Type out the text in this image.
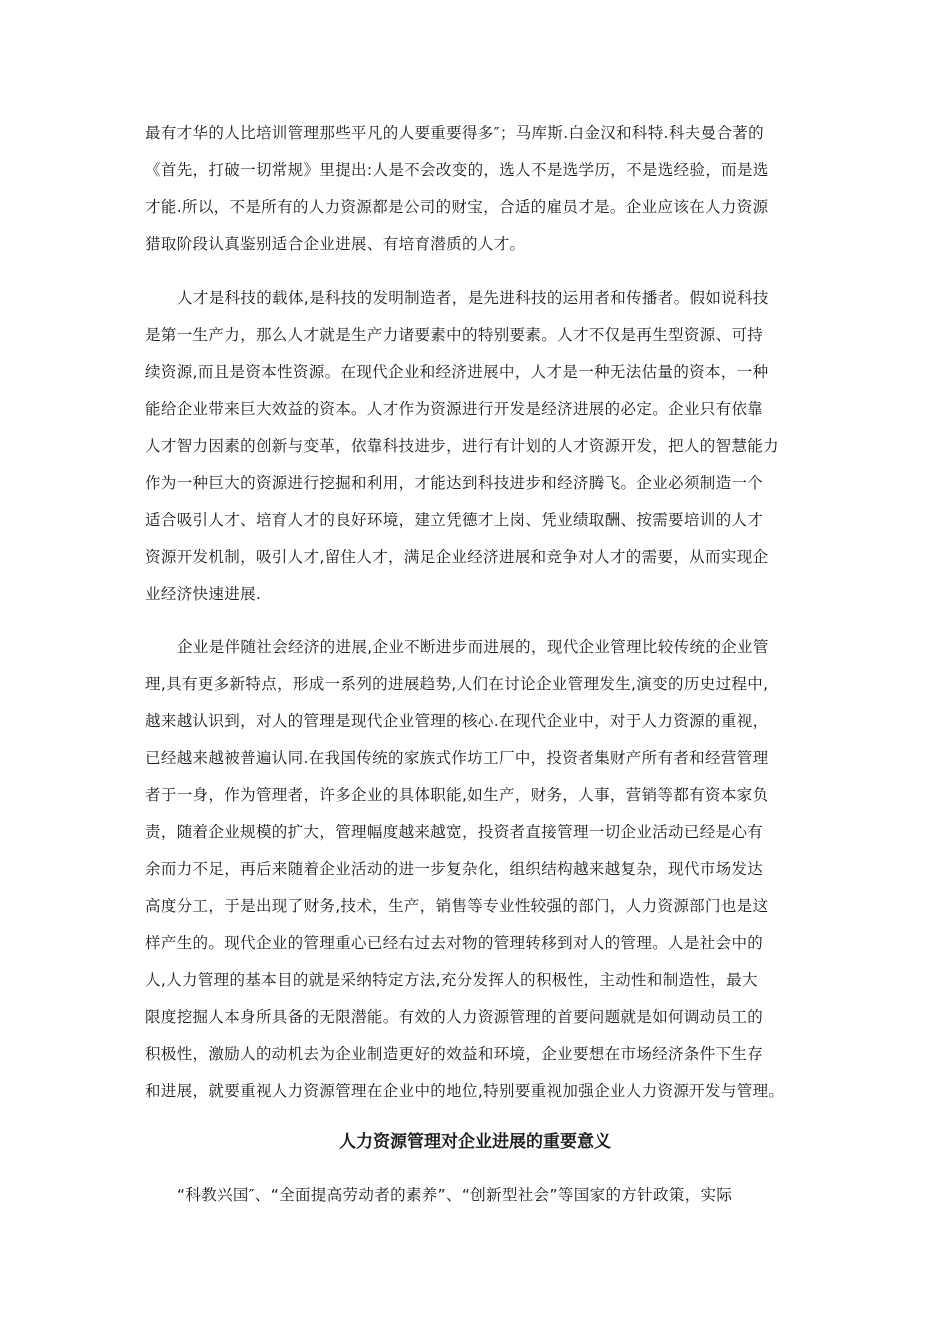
最有才华的人比培训管理那些平凡的人要重要得多″；马库斯.白金汉和科特.科夫曼合著的
《首先，打破一切常规》里提出:人是不会改变的，选人不是选学历，不是选经验，而是选
才能.所以，不是所有的人力资源都是公司的财宝，合适的雇员才是。企业应该在人力资源
猎取阶段认真鉴别适合企业进展、有培育潜质的人才。
人才是科技的载体,是科技的发明制造者，是先进科技的运用者和传播者。假如说科技
是第一生产力，那么人才就是生产力诸要素中的特别要素。人才不仅是再生型资源、可持
续资源,而且是资本性资源。在现代企业和经济进展中，人才是一种无法估量的资本，一种
能给企业带来巨大效益的资本。人才作为资源进行开发是经济进展的必定。企业只有依靠
人才智力因素的创新与变革，依靠科技进步，进行有计划的人才资源开发，把人的智慧能力
作为一种巨大的资源进行挖掘和利用，才能达到科技进步和经济腾飞。企业必须制造一个
适合吸引人才、培育人才的良好环境，建立凭德才上岗、凭业绩取酬、按需要培训的人才
资源开发机制，吸引人才,留住人才，满足企业经济进展和竞争对人才的需要，从而实现企
业经济快速进展.
企业是伴随社会经济的进展,企业不断进步而进展的，现代企业管理比较传统的企业管
理,具有更多新特点，形成一系列的进展趋势,人们在讨论企业管理发生,演变的历史过程中,
越来越认识到，对人的管理是现代企业管理的核心.在现代企业中，对于人力资源的重视，
已经越来越被普遍认同.在我国传统的家族式作坊工厂中，投资者集财产所有者和经营管理
者于一身，作为管理者，许多企业的具体职能,如生产，财务，人事，营销等都有资本家负
责，随着企业规模的扩大，管理幅度越来越宽，投资者直接管理一切企业活动已经是心有
余而力不足，再后来随着企业活动的进一步复杂化，组织结构越来越复杂，现代市场发达
高度分工，于是出现了财务,技术，生产，销售等专业性较强的部门，人力资源部门也是这
样产生的。现代企业的管理重心已经右过去对物的管理转移到对人的管理。人是社会中的
人,人力管理的基本目的就是采纳特定方法,充分发挥人的积极性，主动性和制造性，最大
限度挖掘人本身所具备的无限潜能。有效的人力资源管理的首要问题就是如何调动员工的
积极性，激励人的动机去为企业制造更好的效益和环境，企业要想在市场经济条件下生存
和进展，就要重视人力资源管理在企业中的地位,特别要重视加强企业人力资源开发与管理。
人力资源管理对企业进展的重要意义
“科教兴国″、“全面提高劳动者的素养”、“创新型社会”等国家的方针政策，实际
